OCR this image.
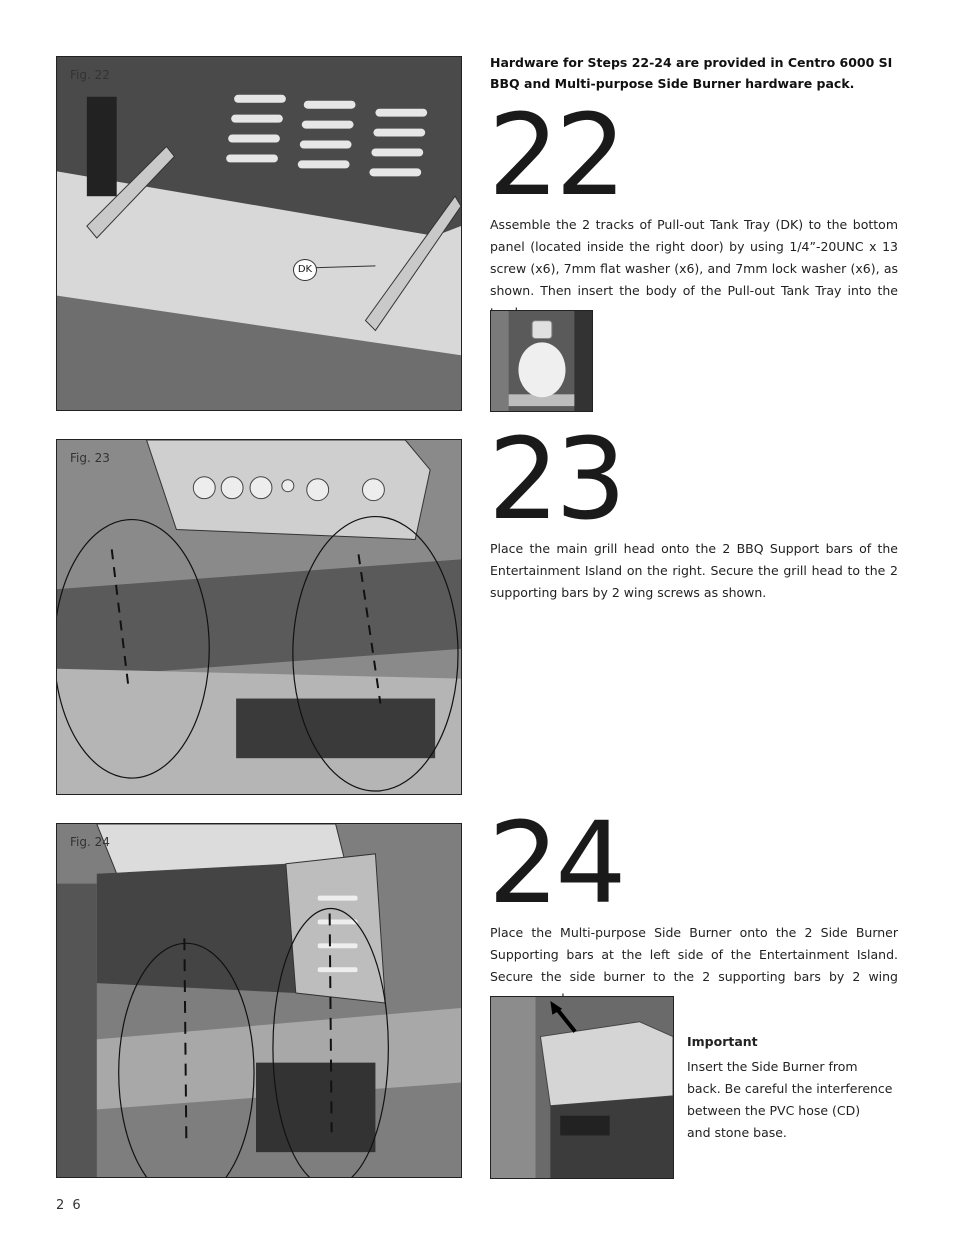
Fig. 22
DK
Hardware for Steps 22-24 are provided in Centro 6000 SI
BBQ and Multi-purpose Side Burner hardware pack.
22
Assemble the 2 tracks of Pull-out Tank Tray (DK) to the bottom panel (located inside the right door) by using 1/4”-20UNC x 13 screw (x6), 7mm flat washer (x6), and 7mm lock washer (x6), as shown. Then insert the body of the Pull-out Tank Tray into the
Fig. 23	23
Place the main grill head onto the 2 BBQ Support bars of the Entertainment Island on the right. Secure the grill head to the 2 supporting bars by 2 wing screws as shown.
Fig. 24	24
Place the Multi-purpose Side Burner onto the 2 Side Burner Supporting bars at the left side of the Entertainment Island. Secure the side burner to the 2 supporting bars by 2 wing
Important
Insert the Side Burner from
back. Be careful the interference
between the PVC hose (CD)
and stone base.
2 6
